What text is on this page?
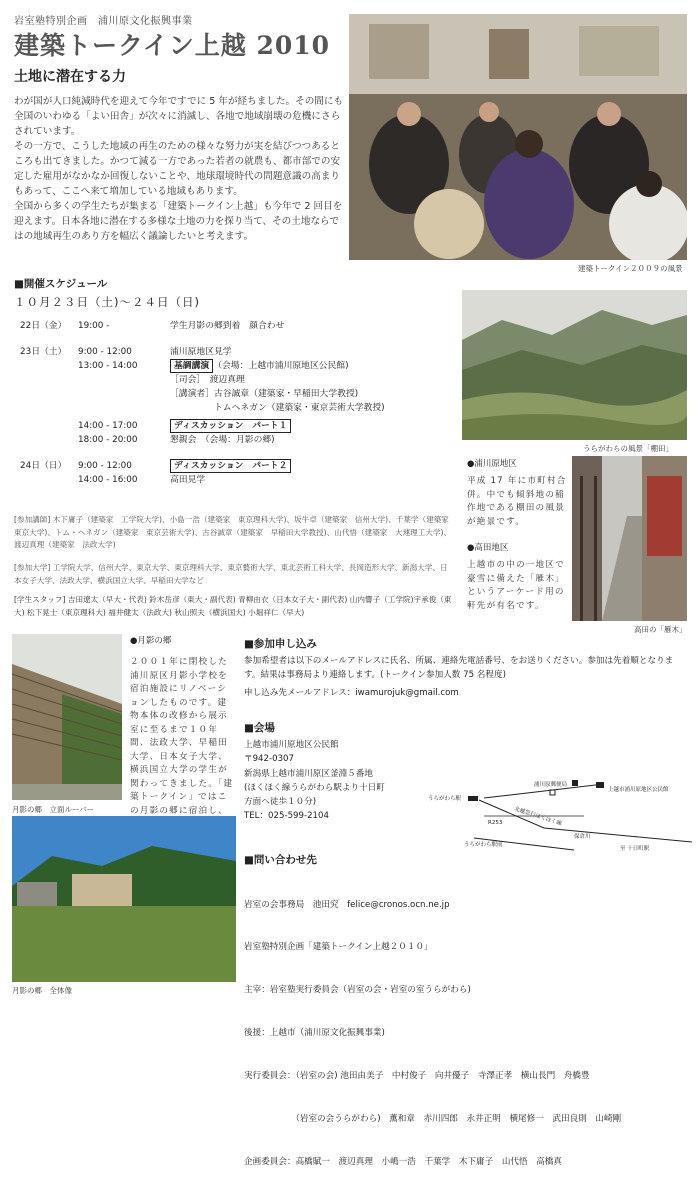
岩室塾特別企画　浦川原文化振興事業
建築トークイン上越 2010
土地に潜在する力

わが国が人口純減時代を迎えて今年ですでに 5 年が経ちました。その間にも全国のいわゆる「よい田舎」が次々に消滅し、各地で地域崩壊の危機にさらされています。

その一方で、こうした地域の再生のための様々な努力が実を結びつつあるところも出てきました。かつて減る一方であった若者の就農も、都市部での安定した雇用がなかなか回復しないことや、地球環境時代の問題意識の高まりもあって、ここへ来て増加している地域もあります。

全国から多くの学生たちが集まる「建築トークイン上越」も今年で 2 回目を迎えます。日本各地に潜在する多様な土地の力を探り当て、その土地ならではの地域再生のあり方を幅広く議論したいと考えます。

建築トークイン２００９の風景
■開催スケジュール
１０月２３日（土)～２４日（日)
22日（金）	19:00 -	学生月影の郷到着　顔合わせ
23日（土）	9:00 - 12:00	浦川原地区見学
13:00 - 14:00	基調講演 （会場：上越市浦川原地区公民館)
［司会］　渡辺真理
［講演者］古谷誠章（建築家・早稲田大学教授)
　　　　　トムヘネガン（建築家・東京芸術大学教授)
14:00 - 17:00	ディスカッション　パート１
18:00 - 20:00	懇親会　（会場：月影の郷)
24日（日）	9:00 - 12:00	ディスカッション　パート２
14:00 - 16:00	高田見学
[参加講師] 木下庸子（建築家　工学院大学)、小島一浩（建築家　東京理科大学)、坂牛卓（建築家　信州大学)、千葉学（建築家　東京大学)、トム・ヘネガン（建築家　東京芸術大学)、古谷誠章（建築家　早稲田大学教授)、山代悟（建築家　大連理工大学)、渡辺真理（建築家　法政大学)
[参加大学] 工学院大学、信州大学、東京大学、東京理科大学、東京藝術大学、東北芸術工科大学、長岡造形大学、新潟大学、日本女子大学、法政大学、横浜国立大学、早稲田大学など
[学生スタッフ] 吉田遼太（早大・代表) 鈴木岳彦（東大・副代表) 青柳由衣（日本女子大・副代表) 山内響子（工学院)宇承俊（東大) 松下晃士（東京理科大) 福井健太（法政大) 秋山照夫（横浜国大) 小堀祥仁（早大)
うらがわらの風景「棚田」
●浦川原地区
平成 17 年に市町村合併。中でも傾斜地の稲作地である棚田の風景が絶景です。
●高田地区
上越市の中の一地区で豪雪に備えた「雁木」というアーケード用の軒先が有名です。
高田の「雁木」
月影の郷　立面ルーバー
●月影の郷
２００１年に閉校した浦川原区月影小学校を宿泊施設にリノベーションしたものです。建物本体の改修から展示室に至るまで１０年間、法政大学、早稲田大学、日本女子大学、横浜国立大学の学生が関わってきました。「建築トークイン」ではこの月影の郷に宿泊し、
月影の郷　全体像
■参加申し込み
参加希望者は以下のメールアドレスに氏名、所属、連絡先電話番号、をお送りください。参加は先着順となります。結果は事務局より連絡します。(トークイン参加人数 75 名程度)
申し込み先メールアドレス：iwamurojuk@gmail.com
■会場
上越市浦川原地区公民館
〒942-0307
新潟県上越市浦川原区釜淵５番地
(ほくほく線うらがわら駅より十日町
方面へ徒歩１０分)
TEL：025-599-2104
うらがわら駅
浦川原郵便局
上越市浦川原地区公民館
R253 北越急行ほくほく線
保倉川
至 十日町駅
うらがわら駅前
■問い合わせ先

岩室の会事務局　池田究　felice@cronos.ocn.ne.jp

岩室塾特別企画「建築トークイン上越２０１０」

主宰：岩室塾実行委員会（岩室の会・岩室の室うらがわら)

後援：上越市（浦川原文化振興事業)

実行委員会：（岩室の会) 池田由美子　中村俊子　向井優子　寺澤正孝　横山長門　舟橋豊

　　　　　　（岩室の会うらがわら)　薫和章　赤川四郎　永井正明　横尾修一　武田良則　山崎剛

企画委員会：高橋賦一　渡辺真理　小嶋一浩　千葉学　木下庸子　山代悟　高橋真
